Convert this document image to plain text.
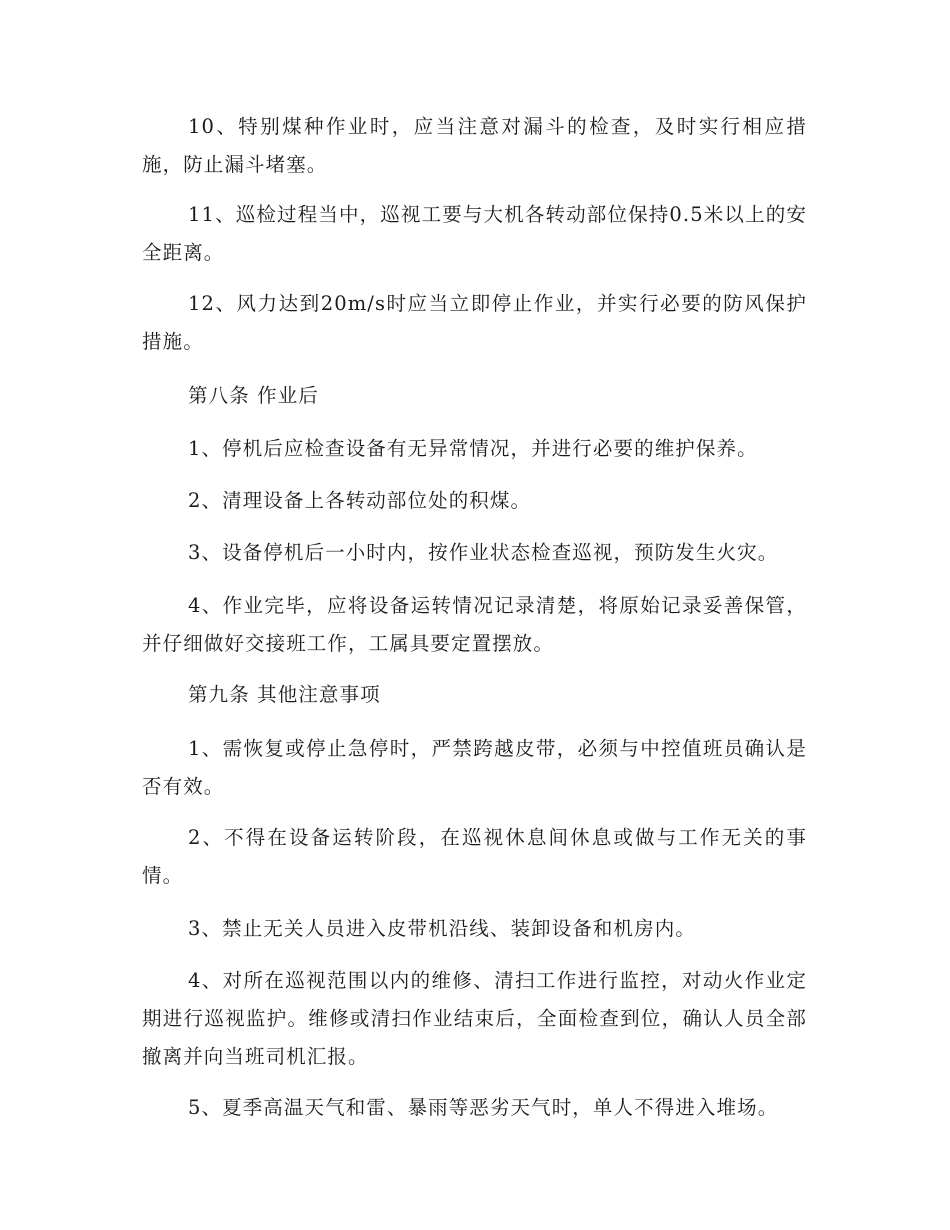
10、特别煤种作业时，应当注意对漏斗的检查，及时实行相应措施，防止漏斗堵塞。

11、巡检过程当中，巡视工要与大机各转动部位保持0.5米以上的安全距离。

12、风力达到20m/s时应当立即停止作业，并实行必要的防风保护措施。

第八条 作业后

1、停机后应检查设备有无异常情况，并进行必要的维护保养。

2、清理设备上各转动部位处的积煤。

3、设备停机后一小时内，按作业状态检查巡视，预防发生火灾。

4、作业完毕，应将设备运转情况记录清楚，将原始记录妥善保管，并仔细做好交接班工作，工属具要定置摆放。

第九条 其他注意事项

1、需恢复或停止急停时，严禁跨越皮带，必须与中控值班员确认是否有效。

2、不得在设备运转阶段，在巡视休息间休息或做与工作无关的事情。

3、禁止无关人员进入皮带机沿线、装卸设备和机房内。

4、对所在巡视范围以内的维修、清扫工作进行监控，对动火作业定期进行巡视监护。维修或清扫作业结束后，全面检查到位，确认人员全部撤离并向当班司机汇报。

5、夏季高温天气和雷、暴雨等恶劣天气时，单人不得进入堆场。
